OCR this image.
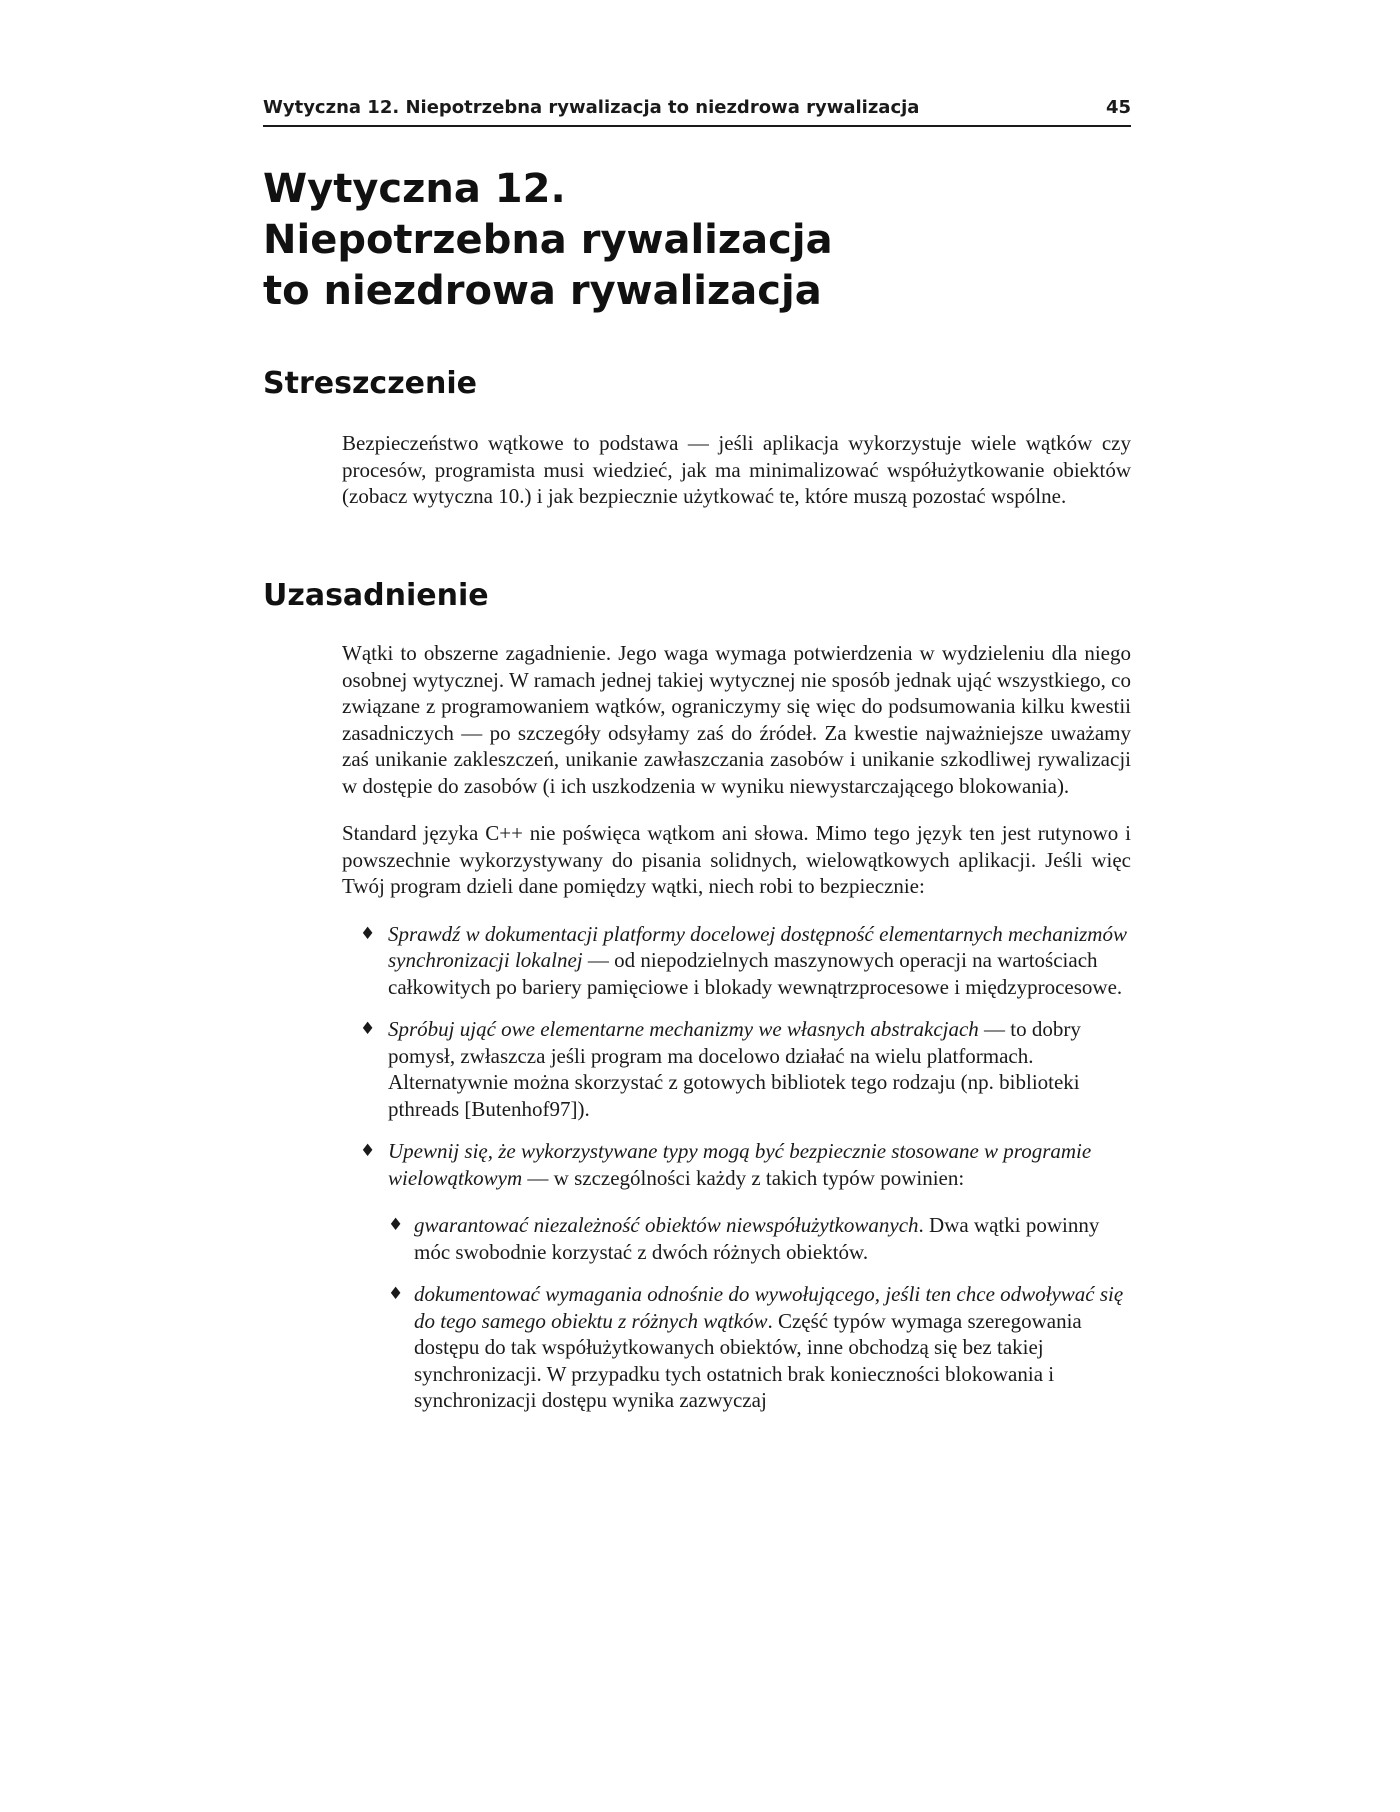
Wytyczna 12. Niepotrzebna rywalizacja to niezdrowa rywalizacja	45
Wytyczna 12.
Niepotrzebna rywalizacja
to niezdrowa rywalizacja
Streszczenie

Bezpieczeństwo wątkowe to podstawa — jeśli aplikacja wykorzystuje wiele wątków czy procesów, programista musi wiedzieć, jak ma minimalizować współużytkowanie obiektów (zobacz wytyczna 10.) i jak bezpiecznie użytkować te, które muszą pozostać wspólne.

Uzasadnienie

Wątki to obszerne zagadnienie. Jego waga wymaga potwierdzenia w wydzieleniu dla niego osobnej wytycznej. W ramach jednej takiej wytycznej nie sposób jednak ująć wszystkiego, co związane z programowaniem wątków, ograniczymy się więc do podsumowania kilku kwestii zasadniczych — po szczegóły odsyłamy zaś do źródeł. Za kwestie najważniejsze uważamy zaś unikanie zakleszczeń, unikanie zawłaszczania zasobów i unikanie szkodliwej rywalizacji w dostępie do zasobów (i ich uszkodzenia w wyniku niewystarczającego blokowania).

Standard języka C++ nie poświęca wątkom ani słowa. Mimo tego język ten jest rutynowo i powszechnie wykorzystywany do pisania solidnych, wielowątkowych aplikacji. Jeśli więc Twój program dzieli dane pomiędzy wątki, niech robi to bezpiecznie:

♦ Sprawdź w dokumentacji platformy docelowej dostępność elementarnych mechanizmów synchronizacji lokalnej — od niepodzielnych maszynowych operacji na wartościach całkowitych po bariery pamięciowe i blokady wewnątrzprocesowe i międzyprocesowe.
♦ Spróbuj ująć owe elementarne mechanizmy we własnych abstrakcjach — to dobry pomysł, zwłaszcza jeśli program ma docelowo działać na wielu platformach. Alternatywnie można skorzystać z gotowych bibliotek tego rodzaju (np. biblioteki pthreads [Butenhof97]).
♦ Upewnij się, że wykorzystywane typy mogą być bezpiecznie stosowane w programie wielowątkowym — w szczególności każdy z takich typów powinien:
♦ gwarantować niezależność obiektów niewspółużytkowanych. Dwa wątki powinny móc swobodnie korzystać z dwóch różnych obiektów.
♦ dokumentować wymagania odnośnie do wywołującego, jeśli ten chce odwoływać się do tego samego obiektu z różnych wątków. Część typów wymaga szeregowania dostępu do tak współużytkowanych obiektów, inne obchodzą się bez takiej synchronizacji. W przypadku tych ostatnich brak konieczności blokowania i synchronizacji dostępu wynika zazwyczaj
